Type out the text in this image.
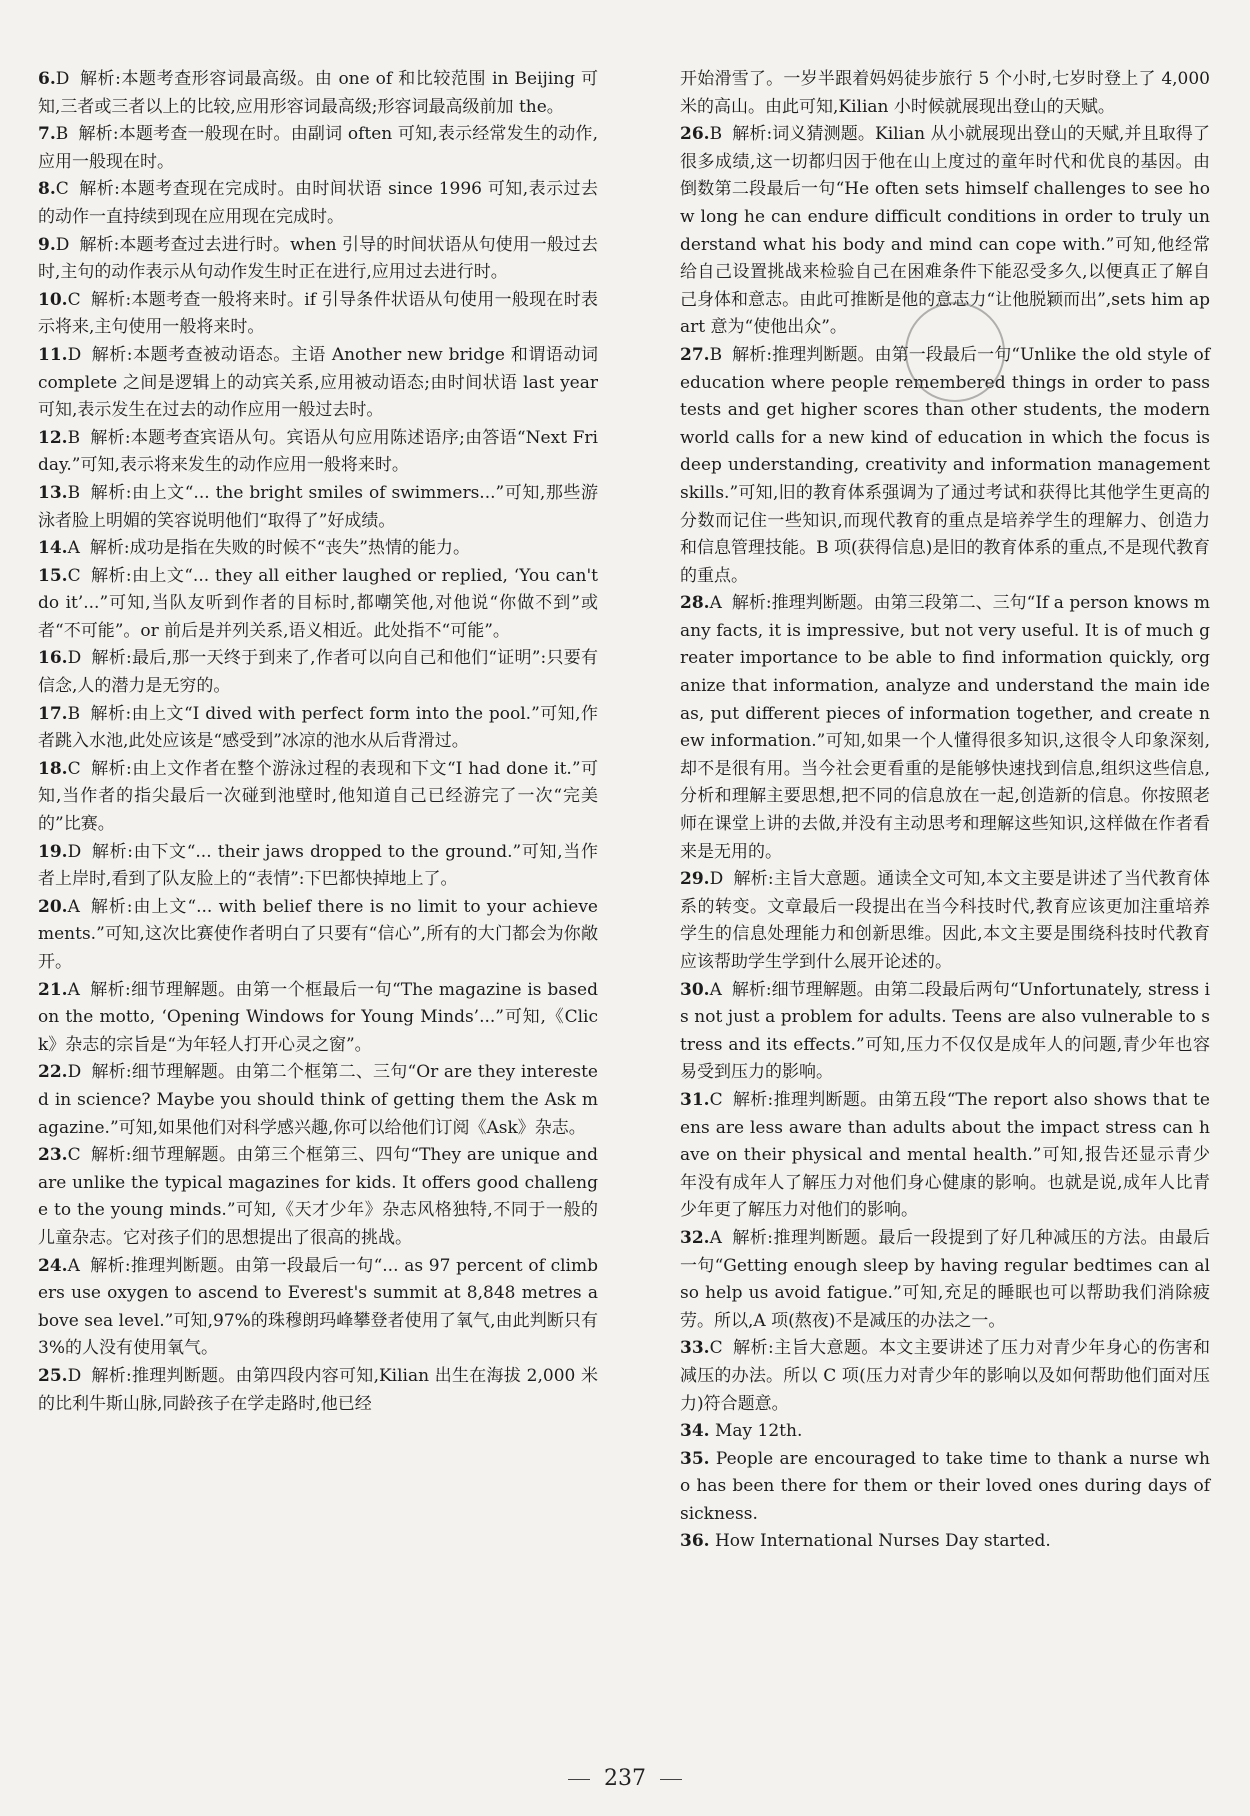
6.D 解析:本题考查形容词最高级。由 one of 和比较范围 in Beijing 可知,三者或三者以上的比较,应用形容词最高级;形容词最高级前加 the。

7.B 解析:本题考查一般现在时。由副词 often 可知,表示经常发生的动作,应用一般现在时。

8.C 解析:本题考查现在完成时。由时间状语 since 1996 可知,表示过去的动作一直持续到现在应用现在完成时。

9.D 解析:本题考查过去进行时。when 引导的时间状语从句使用一般过去时,主句的动作表示从句动作发生时正在进行,应用过去进行时。

10.C 解析:本题考查一般将来时。if 引导条件状语从句使用一般现在时表示将来,主句使用一般将来时。

11.D 解析:本题考查被动语态。主语 Another new bridge 和谓语动词 complete 之间是逻辑上的动宾关系,应用被动语态;由时间状语 last year 可知,表示发生在过去的动作应用一般过去时。

12.B 解析:本题考查宾语从句。宾语从句应用陈述语序;由答语“Next Friday.”可知,表示将来发生的动作应用一般将来时。

13.B 解析:由上文“... the bright smiles of swimmers...”可知,那些游泳者脸上明媚的笑容说明他们“取得了”好成绩。

14.A 解析:成功是指在失败的时候不“丧失”热情的能力。

15.C 解析:由上文“... they all either laughed or replied, ‘You can't do it’...”可知,当队友听到作者的目标时,都嘲笑他,对他说“你做不到”或者“不可能”。or 前后是并列关系,语义相近。此处指不“可能”。

16.D 解析:最后,那一天终于到来了,作者可以向自己和他们“证明”:只要有信念,人的潜力是无穷的。

17.B 解析:由上文“I dived with perfect form into the pool.”可知,作者跳入水池,此处应该是“感受到”冰凉的池水从后背滑过。

18.C 解析:由上文作者在整个游泳过程的表现和下文“I had done it.”可知,当作者的指尖最后一次碰到池壁时,他知道自己已经游完了一次“完美的”比赛。

19.D 解析:由下文“... their jaws dropped to the ground.”可知,当作者上岸时,看到了队友脸上的“表情”:下巴都快掉地上了。

20.A 解析:由上文“... with belief there is no limit to your achievements.”可知,这次比赛使作者明白了只要有“信心”,所有的大门都会为你敞开。

21.A 解析:细节理解题。由第一个框最后一句“The magazine is based on the motto, ‘Opening Windows for Young Minds’...”可知,《Click》杂志的宗旨是“为年轻人打开心灵之窗”。

22.D 解析:细节理解题。由第二个框第二、三句“Or are they interested in science? Maybe you should think of getting them the Ask magazine.”可知,如果他们对科学感兴趣,你可以给他们订阅《Ask》杂志。

23.C 解析:细节理解题。由第三个框第三、四句“They are unique and are unlike the typical magazines for kids. It offers good challenge to the young minds.”可知,《天才少年》杂志风格独特,不同于一般的儿童杂志。它对孩子们的思想提出了很高的挑战。

24.A 解析:推理判断题。由第一段最后一句“... as 97 percent of climbers use oxygen to ascend to Everest's summit at 8,848 metres above sea level.”可知,97%的珠穆朗玛峰攀登者使用了氧气,由此判断只有3%的人没有使用氧气。

25.D 解析:推理判断题。由第四段内容可知,Kilian 出生在海拔 2,000 米的比利牛斯山脉,同龄孩子在学走路时,他已经

开始滑雪了。一岁半跟着妈妈徒步旅行 5 个小时,七岁时登上了 4,000 米的高山。由此可知,Kilian 小时候就展现出登山的天赋。

26.B 解析:词义猜测题。Kilian 从小就展现出登山的天赋,并且取得了很多成绩,这一切都归因于他在山上度过的童年时代和优良的基因。由倒数第二段最后一句“He often sets himself challenges to see how long he can endure difficult conditions in order to truly understand what his body and mind can cope with.”可知,他经常给自己设置挑战来检验自己在困难条件下能忍受多久,以便真正了解自己身体和意志。由此可推断是他的意志力“让他脱颖而出”,sets him apart 意为“使他出众”。

27.B 解析:推理判断题。由第一段最后一句“Unlike the old style of education where people remembered things in order to pass tests and get higher scores than other students, the modern world calls for a new kind of education in which the focus is deep understanding, creativity and information management skills.”可知,旧的教育体系强调为了通过考试和获得比其他学生更高的分数而记住一些知识,而现代教育的重点是培养学生的理解力、创造力和信息管理技能。B 项(获得信息)是旧的教育体系的重点,不是现代教育的重点。

28.A 解析:推理判断题。由第三段第二、三句“If a person knows many facts, it is impressive, but not very useful. It is of much greater importance to be able to find information quickly, organize that information, analyze and understand the main ideas, put different pieces of information together, and create new information.”可知,如果一个人懂得很多知识,这很令人印象深刻,却不是很有用。当今社会更看重的是能够快速找到信息,组织这些信息,分析和理解主要思想,把不同的信息放在一起,创造新的信息。你按照老师在课堂上讲的去做,并没有主动思考和理解这些知识,这样做在作者看来是无用的。

29.D 解析:主旨大意题。通读全文可知,本文主要是讲述了当代教育体系的转变。文章最后一段提出在当今科技时代,教育应该更加注重培养学生的信息处理能力和创新思维。因此,本文主要是围绕科技时代教育应该帮助学生学到什么展开论述的。

30.A 解析:细节理解题。由第二段最后两句“Unfortunately, stress is not just a problem for adults. Teens are also vulnerable to stress and its effects.”可知,压力不仅仅是成年人的问题,青少年也容易受到压力的影响。

31.C 解析:推理判断题。由第五段“The report also shows that teens are less aware than adults about the impact stress can have on their physical and mental health.”可知,报告还显示青少年没有成年人了解压力对他们身心健康的影响。也就是说,成年人比青少年更了解压力对他们的影响。

32.A 解析:推理判断题。最后一段提到了好几种减压的方法。由最后一句“Getting enough sleep by having regular bedtimes can also help us avoid fatigue.”可知,充足的睡眠也可以帮助我们消除疲劳。所以,A 项(熬夜)不是减压的办法之一。

33.C 解析:主旨大意题。本文主要讲述了压力对青少年身心的伤害和减压的办法。所以 C 项(压力对青少年的影响以及如何帮助他们面对压力)符合题意。

34. May 12th.

35. People are encouraged to take time to thank a nurse who has been there for them or their loved ones during days of sickness.

36. How International Nurses Day started.

237
